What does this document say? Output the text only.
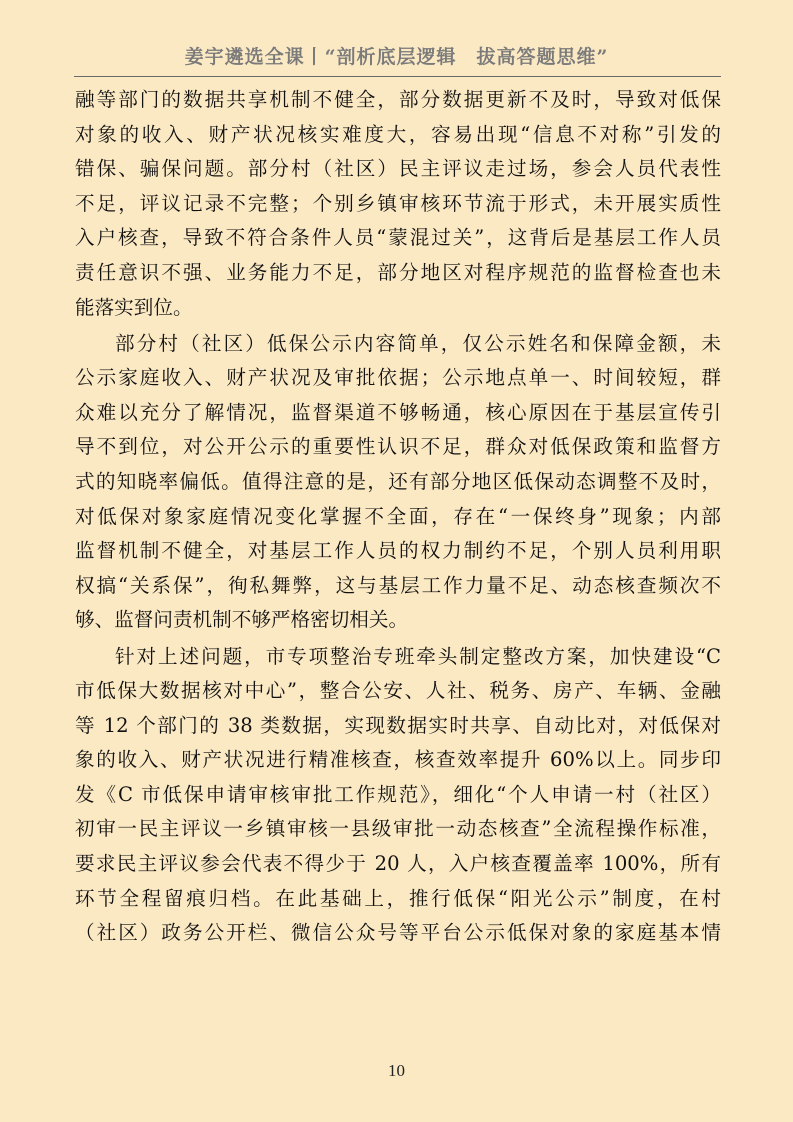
姜宇遴选全课丨“剖析底层逻辑　拔高答题思维”
融等部门的数据共享机制不健全，部分数据更新不及时，导致对低保
对象的收入、财产状况核实难度大，容易出现“信息不对称”引发的
错保、骗保问题。部分村（社区）民主评议走过场，参会人员代表性
不足，评议记录不完整；个别乡镇审核环节流于形式，未开展实质性
入户核查，导致不符合条件人员“蒙混过关”，这背后是基层工作人员
责任意识不强、业务能力不足，部分地区对程序规范的监督检查也未
能落实到位。
部分村（社区）低保公示内容简单，仅公示姓名和保障金额，未
公示家庭收入、财产状况及审批依据；公示地点单一、时间较短，群
众难以充分了解情况，监督渠道不够畅通，核心原因在于基层宣传引
导不到位，对公开公示的重要性认识不足，群众对低保政策和监督方
式的知晓率偏低。值得注意的是，还有部分地区低保动态调整不及时，
对低保对象家庭情况变化掌握不全面，存在“一保终身”现象；内部
监督机制不健全，对基层工作人员的权力制约不足，个别人员利用职
权搞“关系保”，徇私舞弊，这与基层工作力量不足、动态核查频次不
够、监督问责机制不够严格密切相关。
针对上述问题，市专项整治专班牵头制定整改方案，加快建设“C
市低保大数据核对中心”，整合公安、人社、税务、房产、车辆、金融
等 12 个部门的 38 类数据，实现数据实时共享、自动比对，对低保对
象的收入、财产状况进行精准核查，核查效率提升 60%以上。同步印
发《C 市低保申请审核审批工作规范》，细化“个人申请一村（社区）
初审一民主评议一乡镇审核一县级审批一动态核查”全流程操作标准，
要求民主评议参会代表不得少于 20 人，入户核查覆盖率 100%，所有
环节全程留痕归档。在此基础上，推行低保“阳光公示”制度，在村
（社区）政务公开栏、微信公众号等平台公示低保对象的家庭基本情
10
